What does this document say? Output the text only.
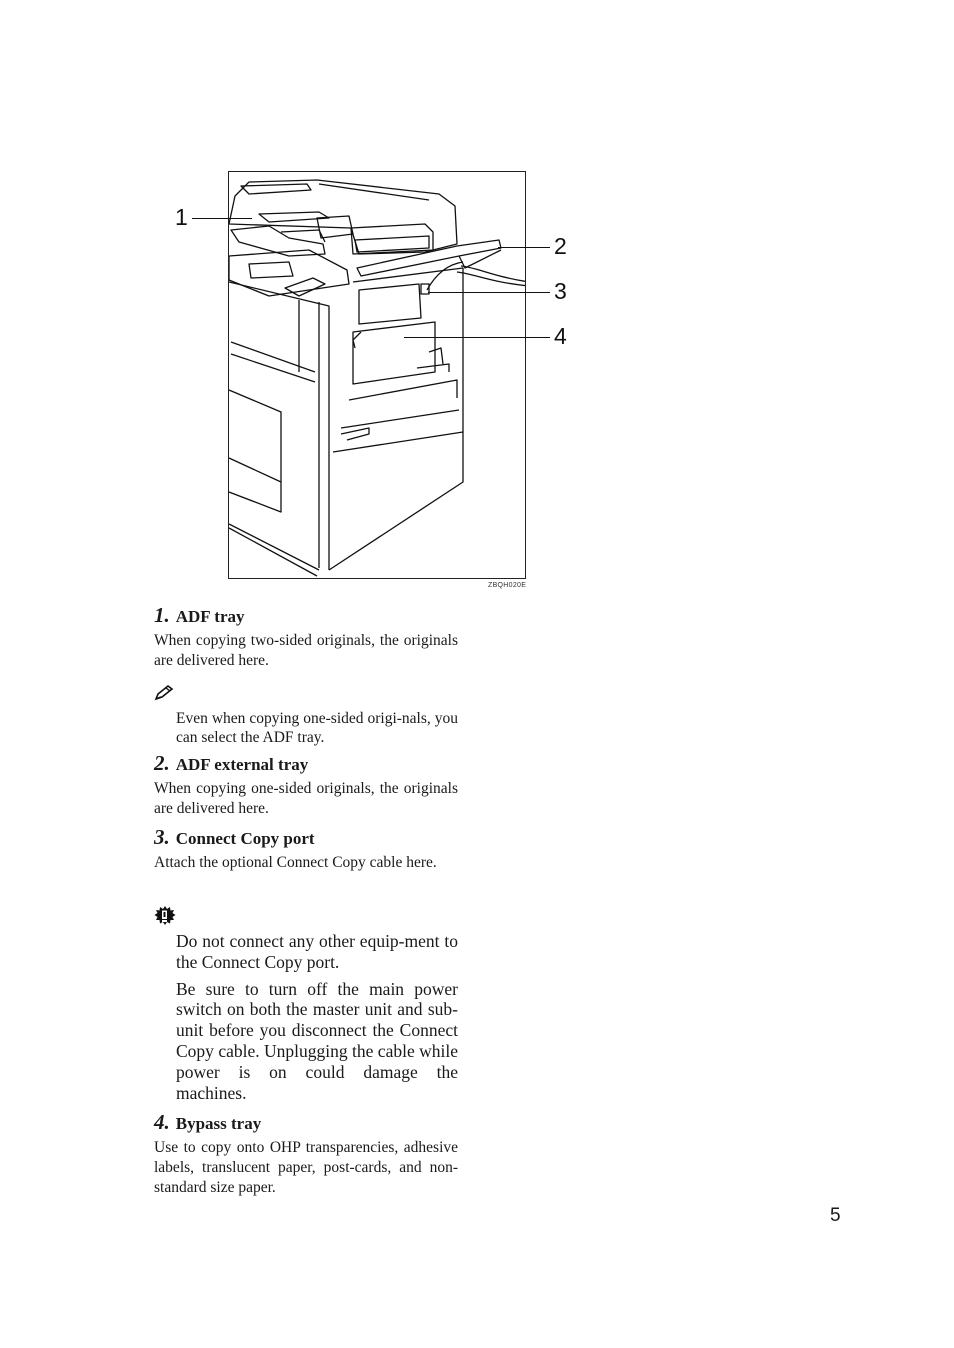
1
2
3
4
ZBQH020E
1. ADF tray

When copying two-sided originals, the originals are delivered here.

Even when copying one-sided origi-nals, you can select the ADF tray.

2. ADF external tray

When copying one-sided originals, the originals are delivered here.

3. Connect Copy port

Attach the optional Connect Copy cable here.

Do not connect any other equip-ment to the Connect Copy port.

Be sure to turn off the main power switch on both the master unit and sub-unit before you disconnect the Connect Copy cable. Unplugging the cable while power is on could damage the machines.

4. Bypass tray

Use to copy onto OHP transparencies, adhesive labels, translucent paper, post-cards, and non-standard size paper.

5
